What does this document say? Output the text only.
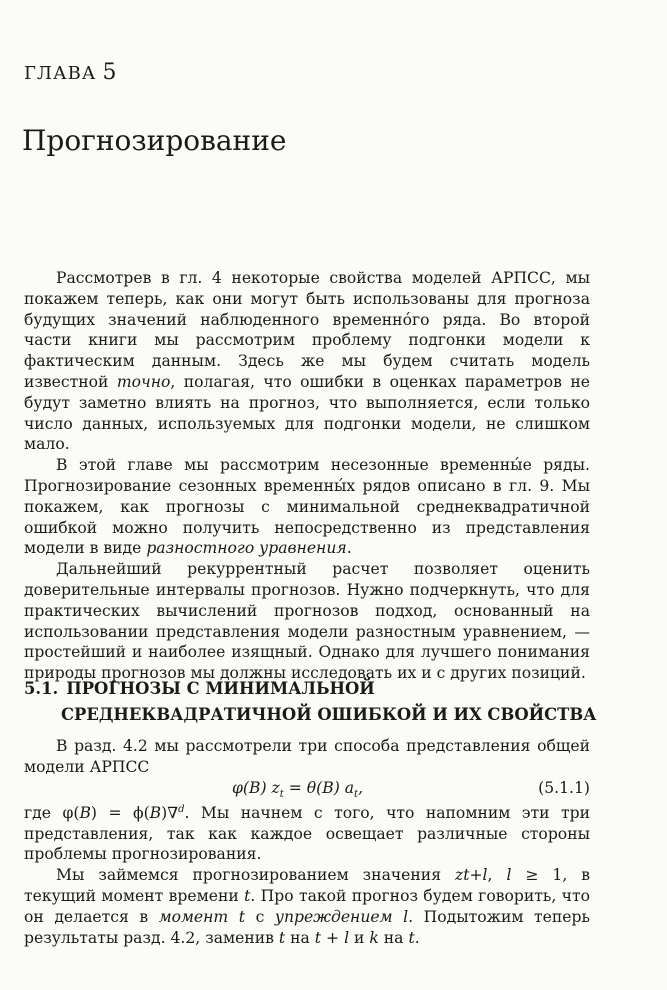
ГЛАВА 5
Прогнозирование

Рассмотрев в гл. 4 некоторые свойства моделей АРПСС, мы покажем теперь, как они могут быть использованы для прогноза будущих значений наблюденного временно́го ряда. Во второй части книги мы рассмотрим проблему подгонки модели к фактическим данным. Здесь же мы будем считать модель известной точно, полагая, что ошибки в оценках параметров не будут заметно влиять на прогноз, что выполняется, если только число данных, используемых для подгонки модели, не слишком мало.

В этой главе мы рассмотрим несезонные временны́е ряды. Прогнозирование сезонных временны́х рядов описано в гл. 9. Мы покажем, как прогнозы с минимальной среднеквадратичной ошибкой можно получить непосредственно из представления модели в виде разностного уравнения.

Дальнейший рекуррентный расчет позволяет оценить доверительные интервалы прогнозов. Нужно подчеркнуть, что для практических вычислений прогнозов подход, основанный на использовании представления модели разностным уравнением, — простейший и наиболее изящный. Однако для лучшего понимания природы прогнозов мы должны исследовать их и с других позиций.

5.1. ПРОГНОЗЫ С МИНИМАЛЬНОЙ
СРЕДНЕКВАДРАТИЧНОЙ ОШИБКОЙ И ИХ СВОЙСТВА

В разд. 4.2 мы рассмотрели три способа представления общей модели АРПСС

φ(B) $z_t = \theta(B)$ $a_t$,	(5.1.1)

где φ(B) = ϕ(B)∇$^d$. Мы начнем с того, что напомним эти три представления, так как каждое освещает различные стороны проблемы прогнозирования.

Мы займемся прогнозированием значения zt+l, l ≥ 1, в текущий момент времени t. Про такой прогноз будем говорить, что он делается в момент t с упреждением l. Подытожим теперь результаты разд. 4.2, заменив t на t + l и k на t.
